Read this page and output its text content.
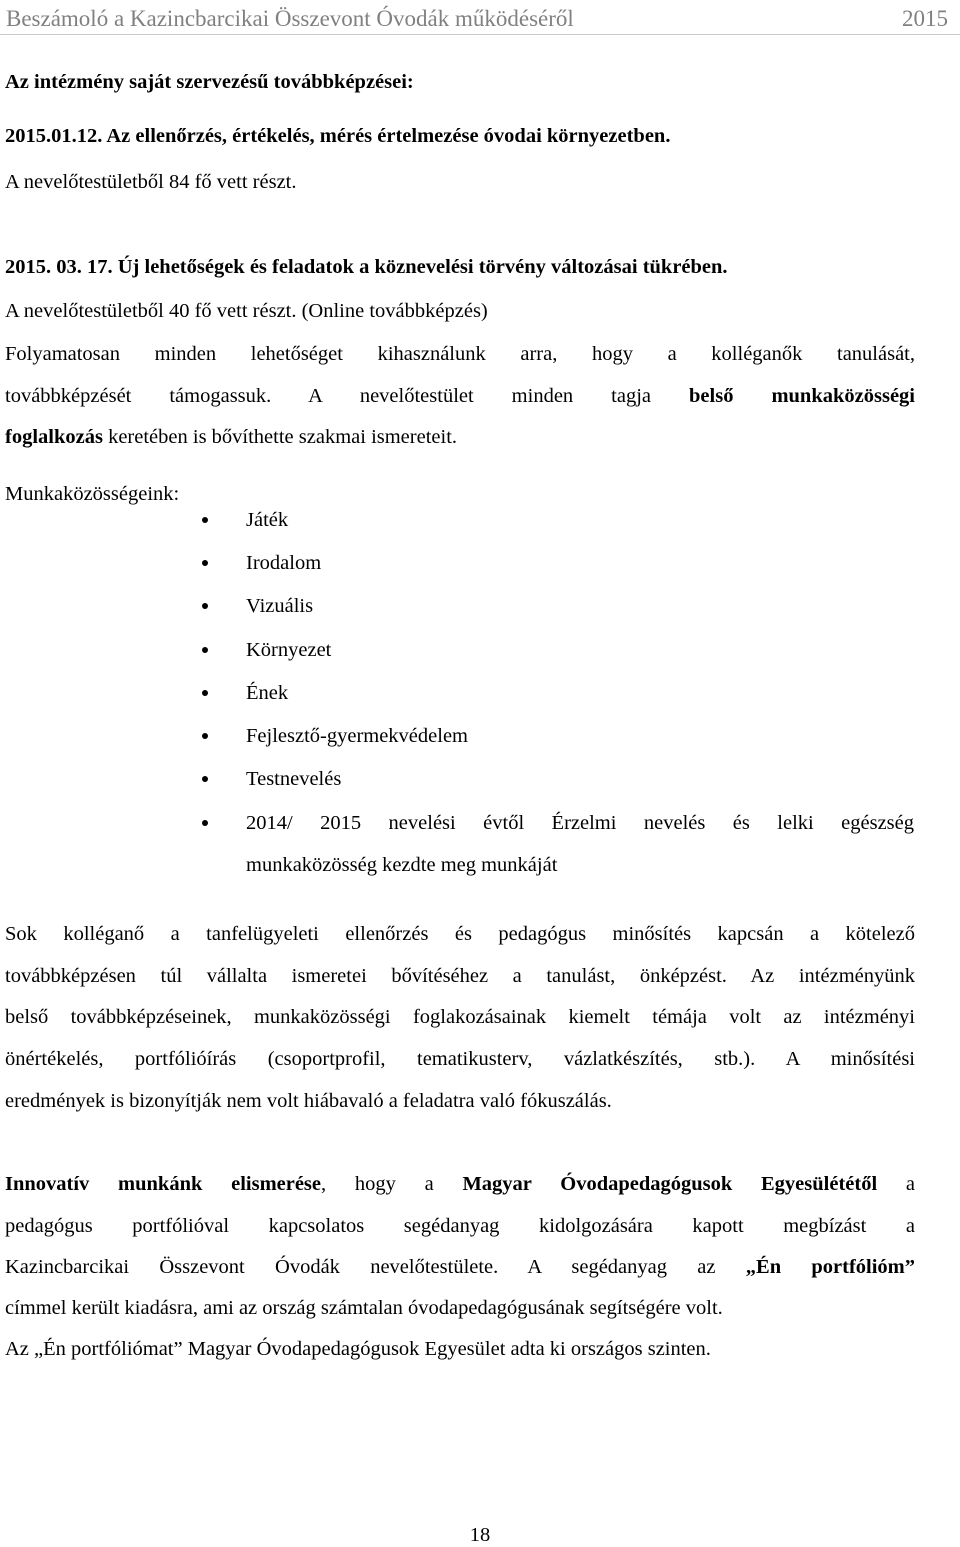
Beszámoló a Kazincbarcikai Összevont Óvodák működéséről	2015
Az intézmény saját szervezésű továbbképzései:
2015.01.12. Az ellenőrzés, értékelés, mérés értelmezése óvodai környezetben.
A nevelőtestületből 84 fő vett részt.
2015. 03. 17. Új lehetőségek és feladatok a köznevelési törvény változásai tükrében.
A nevelőtestületből 40 fő vett részt. (Online továbbképzés)
Folyamatosan minden lehetőséget kihasználunk arra, hogy a kolléganők tanulását,
továbbképzését támogassuk. A nevelőtestület minden tagja belső munkaközösségi
foglalkozás keretében is bővíthette szakmai ismereteit.
Munkaközösségeink:
Játék
Irodalom
Vizuális
Környezet
Ének
Fejlesztő-gyermekvédelem
Testnevelés
2014/ 2015 nevelési évtől Érzelmi nevelés és lelki egészség
munkaközösség kezdte meg munkáját
Sok kolléganő a tanfelügyeleti ellenőrzés és pedagógus minősítés kapcsán a kötelező
továbbképzésen túl vállalta ismeretei bővítéséhez a tanulást, önképzést. Az intézményünk
belső továbbképzéseinek, munkaközösségi foglakozásainak kiemelt témája volt az intézményi
önértékelés, portfólióírás (csoportprofil, tematikusterv, vázlatkészítés, stb.). A minősítési
eredmények is bizonyítják nem volt hiábavaló a feladatra való fókuszálás.
Innovatív munkánk elismerése, hogy a Magyar Óvodapedagógusok Egyesülététől a
pedagógus portfólióval kapcsolatos segédanyag kidolgozására kapott megbízást a
Kazincbarcikai Összevont Óvodák nevelőtestülete. A segédanyag az „Én portfólióm”
címmel került kiadásra, ami az ország számtalan óvodapedagógusának segítségére volt.
Az „Én portfóliómat” Magyar Óvodapedagógusok Egyesület adta ki országos szinten.
18
